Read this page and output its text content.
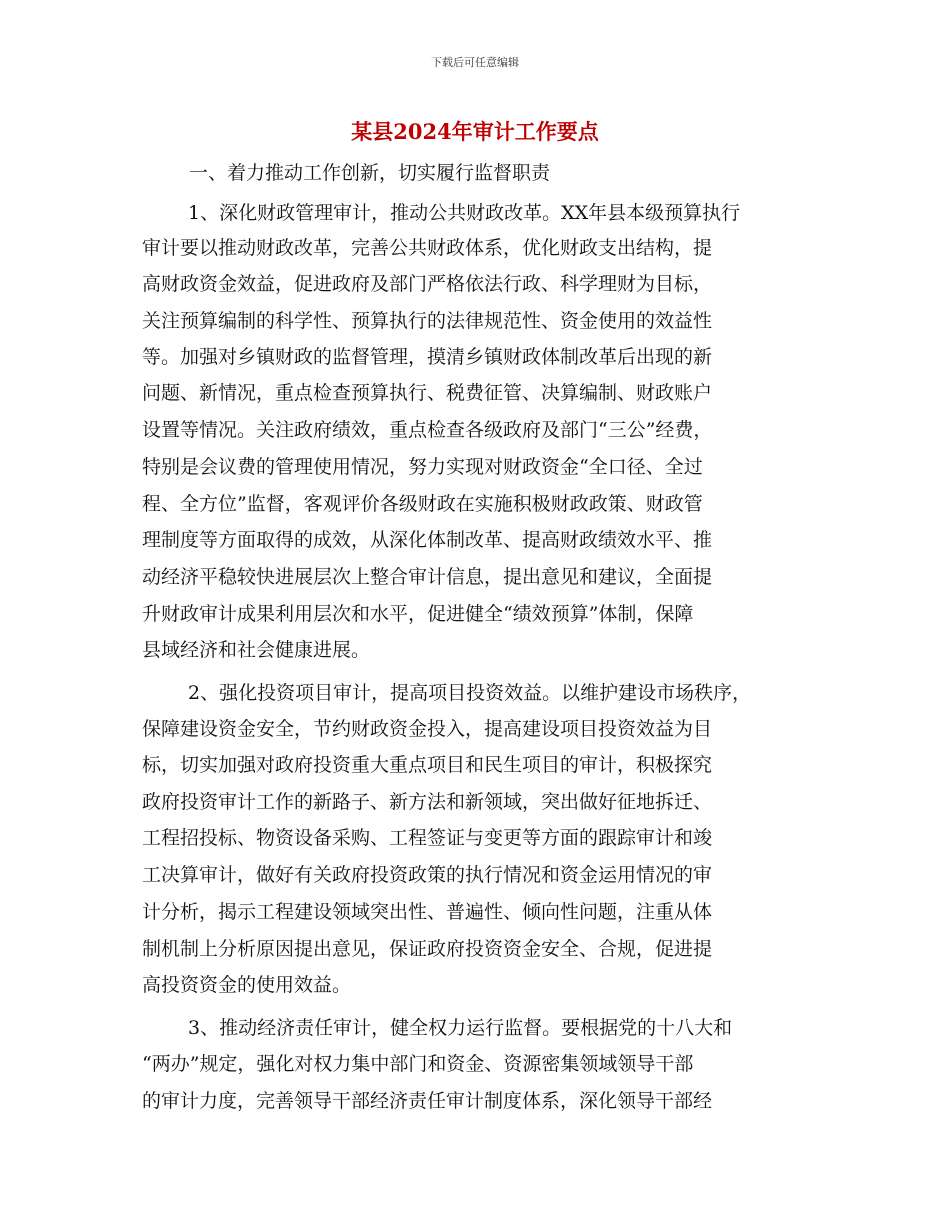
下载后可任意编辑
某县2024年审计工作要点
一、着力推动工作创新，切实履行监督职责
1、深化财政管理审计，推动公共财政改革。XX年县本级预算执行
审计要以推动财政改革，完善公共财政体系，优化财政支出结构，提
高财政资金效益，促进政府及部门严格依法行政、科学理财为目标，
关注预算编制的科学性、预算执行的法律规范性、资金使用的效益性
等。加强对乡镇财政的监督管理，摸清乡镇财政体制改革后出现的新
问题、新情况，重点检查预算执行、税费征管、决算编制、财政账户
设置等情况。关注政府绩效，重点检查各级政府及部门“三公”经费，
特别是会议费的管理使用情况，努力实现对财政资金“全口径、全过
程、全方位”监督，客观评价各级财政在实施积极财政政策、财政管
理制度等方面取得的成效，从深化体制改革、提高财政绩效水平、推
动经济平稳较快进展层次上整合审计信息，提出意见和建议，全面提
升财政审计成果利用层次和水平，促进健全“绩效预算”体制，保障
县域经济和社会健康进展。
2、强化投资项目审计，提高项目投资效益。以维护建设市场秩序，
保障建设资金安全，节约财政资金投入，提高建设项目投资效益为目
标，切实加强对政府投资重大重点项目和民生项目的审计，积极探究
政府投资审计工作的新路子、新方法和新领域，突出做好征地拆迁、
工程招投标、物资设备采购、工程签证与变更等方面的跟踪审计和竣
工决算审计，做好有关政府投资政策的执行情况和资金运用情况的审
计分析，揭示工程建设领域突出性、普遍性、倾向性问题，注重从体
制机制上分析原因提出意见，保证政府投资资金安全、合规，促进提
高投资资金的使用效益。
3、推动经济责任审计，健全权力运行监督。要根据党的十八大和
“两办”规定，强化对权力集中部门和资金、资源密集领域领导干部
的审计力度，完善领导干部经济责任审计制度体系，深化领导干部经
